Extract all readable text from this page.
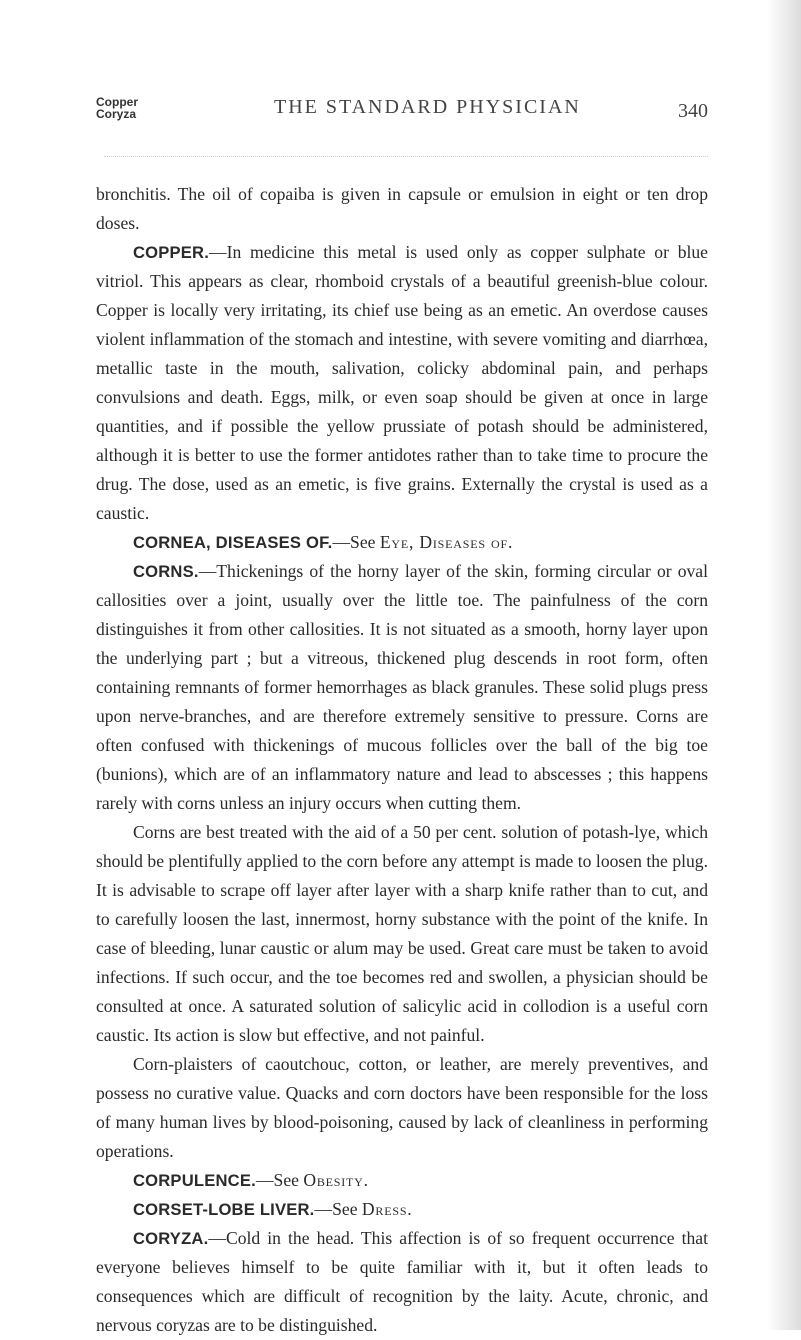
Copper
Coryza	THE STANDARD PHYSICIAN	340

bronchitis. The oil of copaiba is given in capsule or emulsion in eight or ten drop doses.

COPPER.—In medicine this metal is used only as copper sulphate or blue vitriol. This appears as clear, rhomboid crystals of a beautiful greenish-blue colour. Copper is locally very irritating, its chief use being as an emetic. An overdose causes violent inflammation of the stomach and intestine, with severe vomiting and diarrhœa, metallic taste in the mouth, salivation, colicky abdominal pain, and perhaps convulsions and death. Eggs, milk, or even soap should be given at once in large quantities, and if possible the yellow prussiate of potash should be administered, although it is better to use the former antidotes rather than to take time to procure the drug. The dose, used as an emetic, is five grains. Externally the crystal is used as a caustic.

CORNEA, DISEASES OF.—See Eye, Diseases of.

CORNS.—Thickenings of the horny layer of the skin, forming circular or oval callosities over a joint, usually over the little toe. The painfulness of the corn distinguishes it from other callosities. It is not situated as a smooth, horny layer upon the underlying part ; but a vitreous, thickened plug descends in root form, often containing remnants of former hemorrhages as black granules. These solid plugs press upon nerve-branches, and are therefore extremely sensitive to pressure. Corns are often confused with thickenings of mucous follicles over the ball of the big toe (bunions), which are of an inflammatory nature and lead to abscesses ; this happens rarely with corns unless an injury occurs when cutting them.

Corns are best treated with the aid of a 50 per cent. solution of potash-lye, which should be plentifully applied to the corn before any attempt is made to loosen the plug. It is advisable to scrape off layer after layer with a sharp knife rather than to cut, and to carefully loosen the last, innermost, horny substance with the point of the knife. In case of bleeding, lunar caustic or alum may be used. Great care must be taken to avoid infections. If such occur, and the toe becomes red and swollen, a physician should be consulted at once. A saturated solution of salicylic acid in collodion is a useful corn caustic. Its action is slow but effective, and not painful.

Corn-plaisters of caoutchouc, cotton, or leather, are merely preventives, and possess no curative value. Quacks and corn doctors have been responsible for the loss of many human lives by blood-poisoning, caused by lack of cleanliness in performing operations.

CORPULENCE.—See Obesity.

CORSET-LOBE LIVER.—See Dress.

CORYZA.—Cold in the head. This affection is of so frequent occurrence that everyone believes himself to be quite familiar with it, but it often leads to consequences which are difficult of recognition by the laity. Acute, chronic, and nervous coryzas are to be distinguished.
